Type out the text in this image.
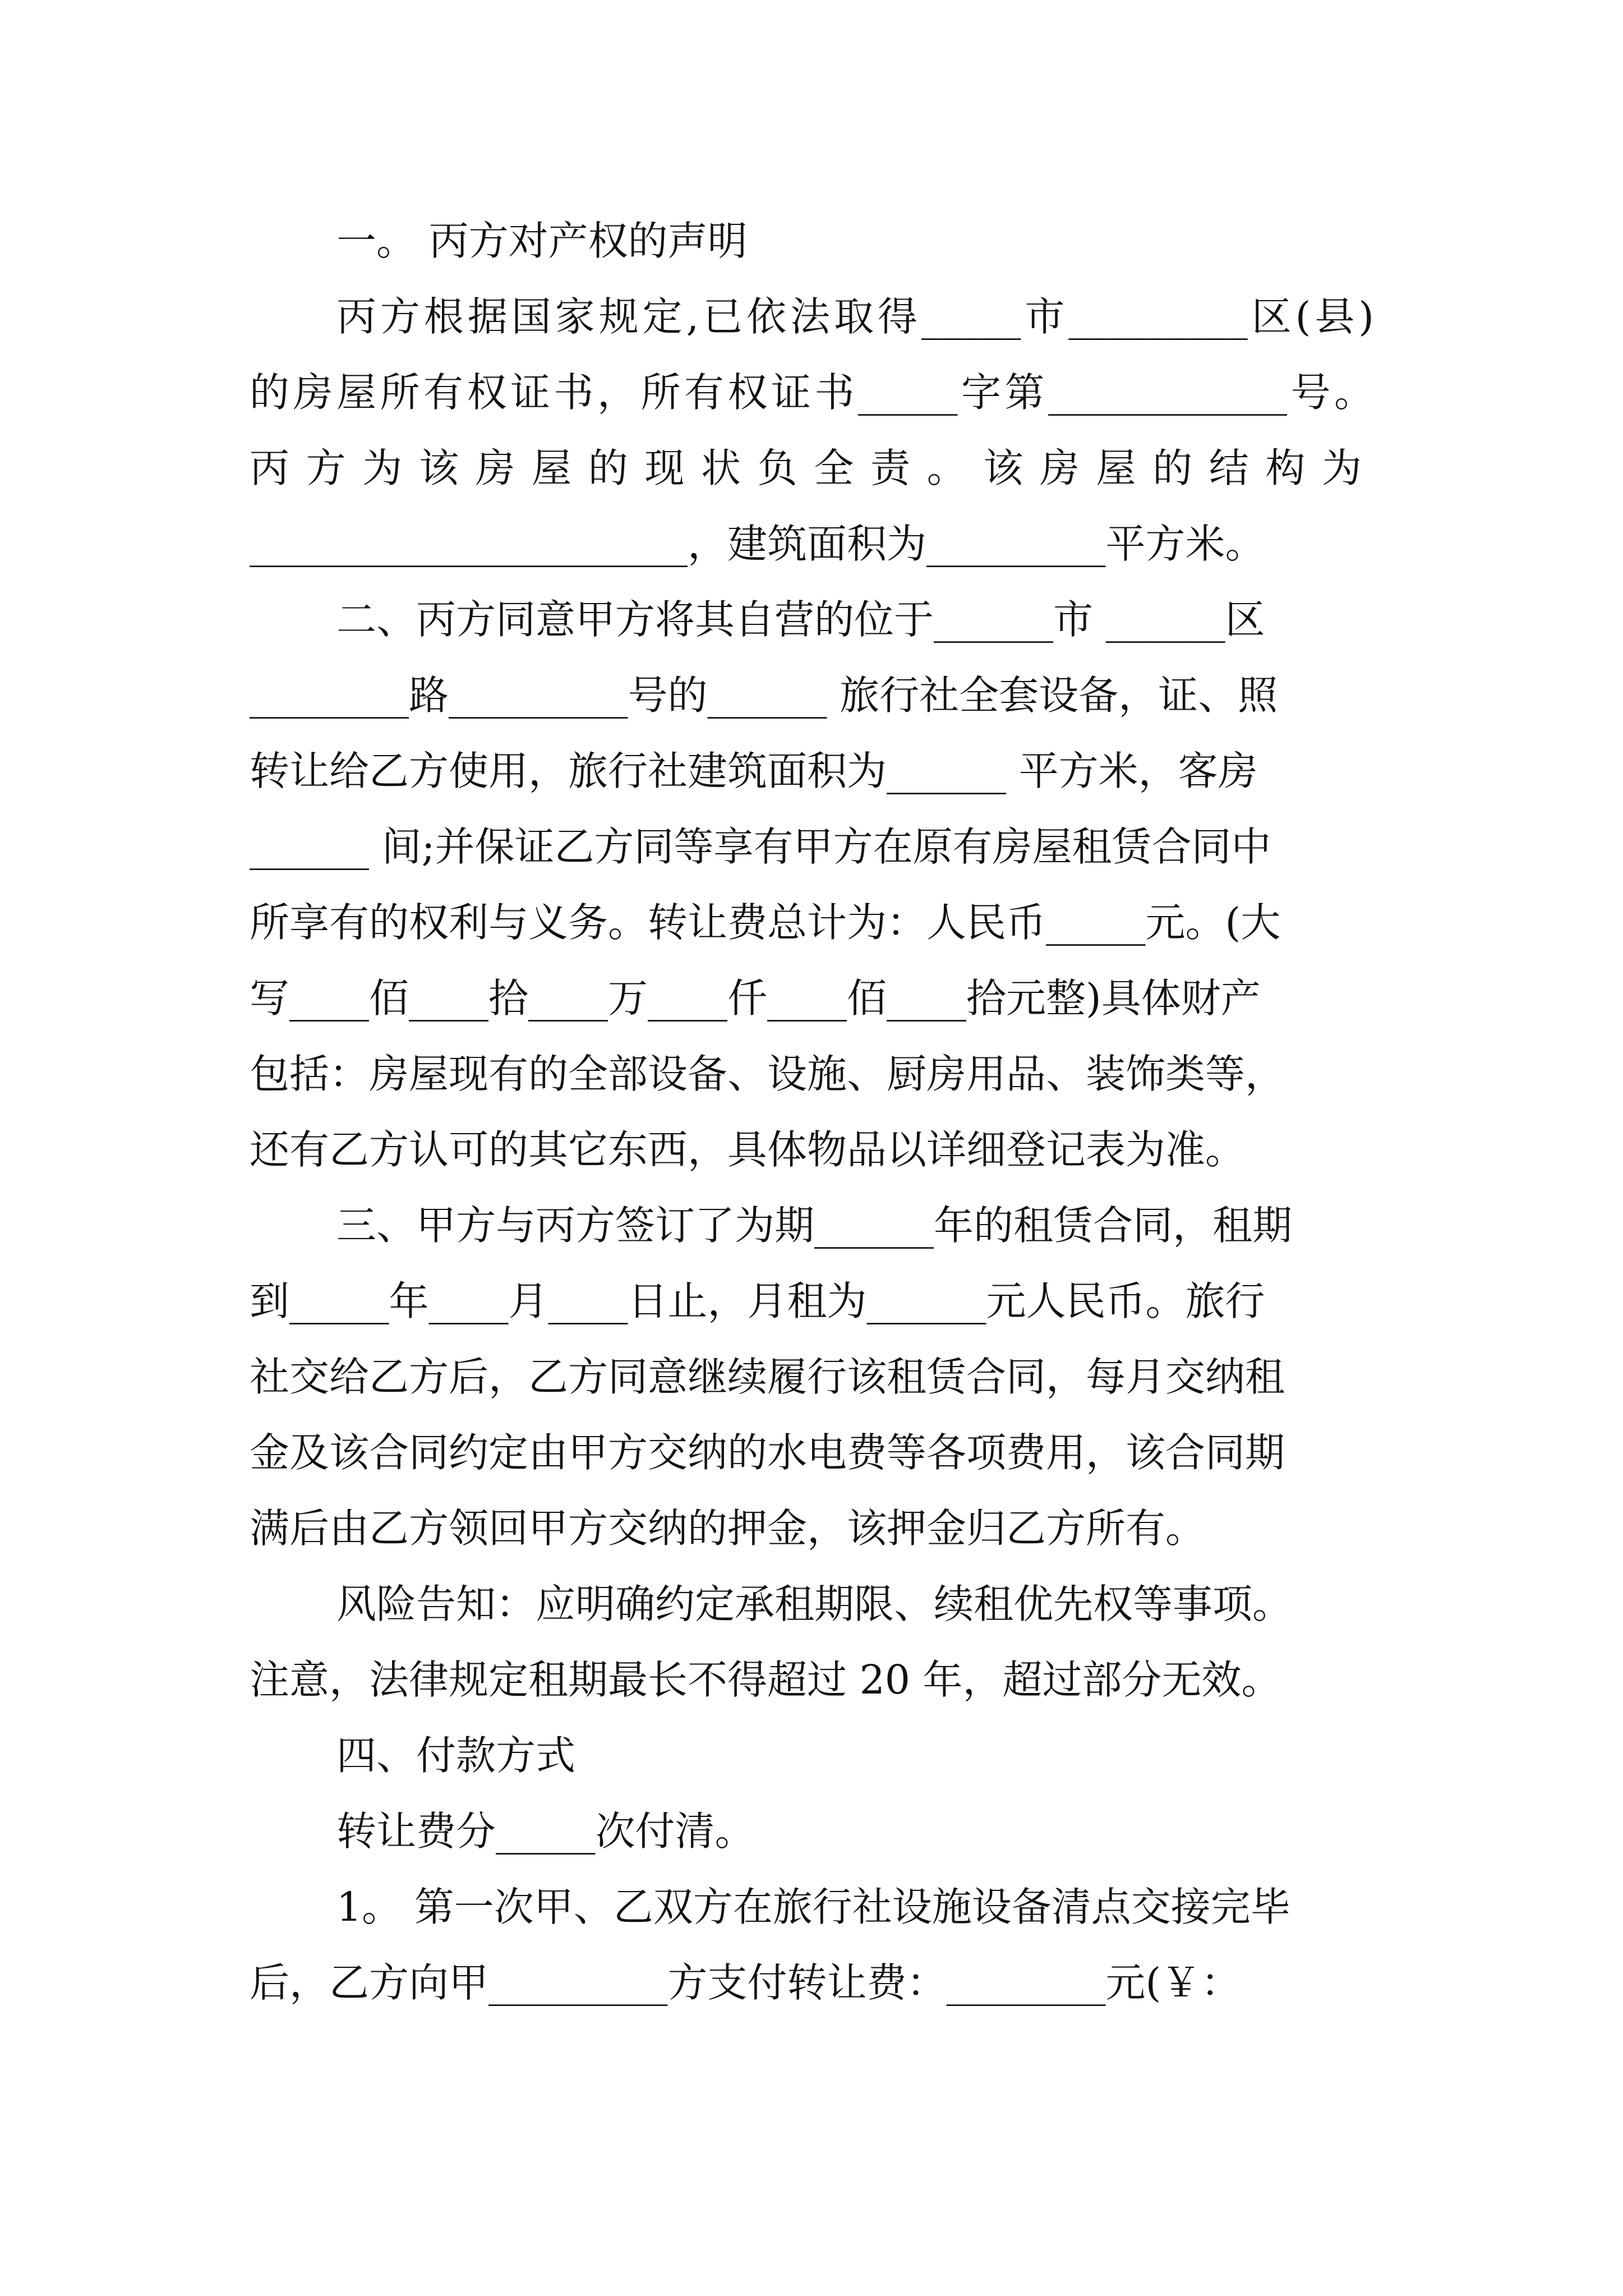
一。 丙方对产权的声明
丙方根据国家规定,已依法取得_____市_________区(县)
的房屋所有权证书，所有权证书_____字第____________号。
丙方为该房屋的现状负全责。该房屋的结构为
______________________，建筑面积为_________平方米。
二、丙方同意甲方将其自营的位于______市 ______区
________路_________号的______ 旅行社全套设备，证、照
转让给乙方使用，旅行社建筑面积为______ 平方米，客房
______ 间;并保证乙方同等享有甲方在原有房屋租赁合同中
所享有的权利与义务。转让费总计为：人民币_____元。(大
写____佰____拾____万____仟____佰____拾元整)具体财产
包括：房屋现有的全部设备、设施、厨房用品、装饰类等，
还有乙方认可的其它东西，具体物品以详细登记表为准。
三、甲方与丙方签订了为期______年的租赁合同，租期
到_____年____月____日止，月租为______元人民币。旅行
社交给乙方后，乙方同意继续履行该租赁合同，每月交纳租
金及该合同约定由甲方交纳的水电费等各项费用，该合同期
满后由乙方领回甲方交纳的押金，该押金归乙方所有。
风险告知：应明确约定承租期限、续租优先权等事项。
注意，法律规定租期最长不得超过 20 年，超过部分无效。
四、付款方式
转让费分_____次付清。
1。 第一次甲、乙双方在旅行社设施设备清点交接完毕
后，乙方向甲_________方支付转让费：________元(￥：
